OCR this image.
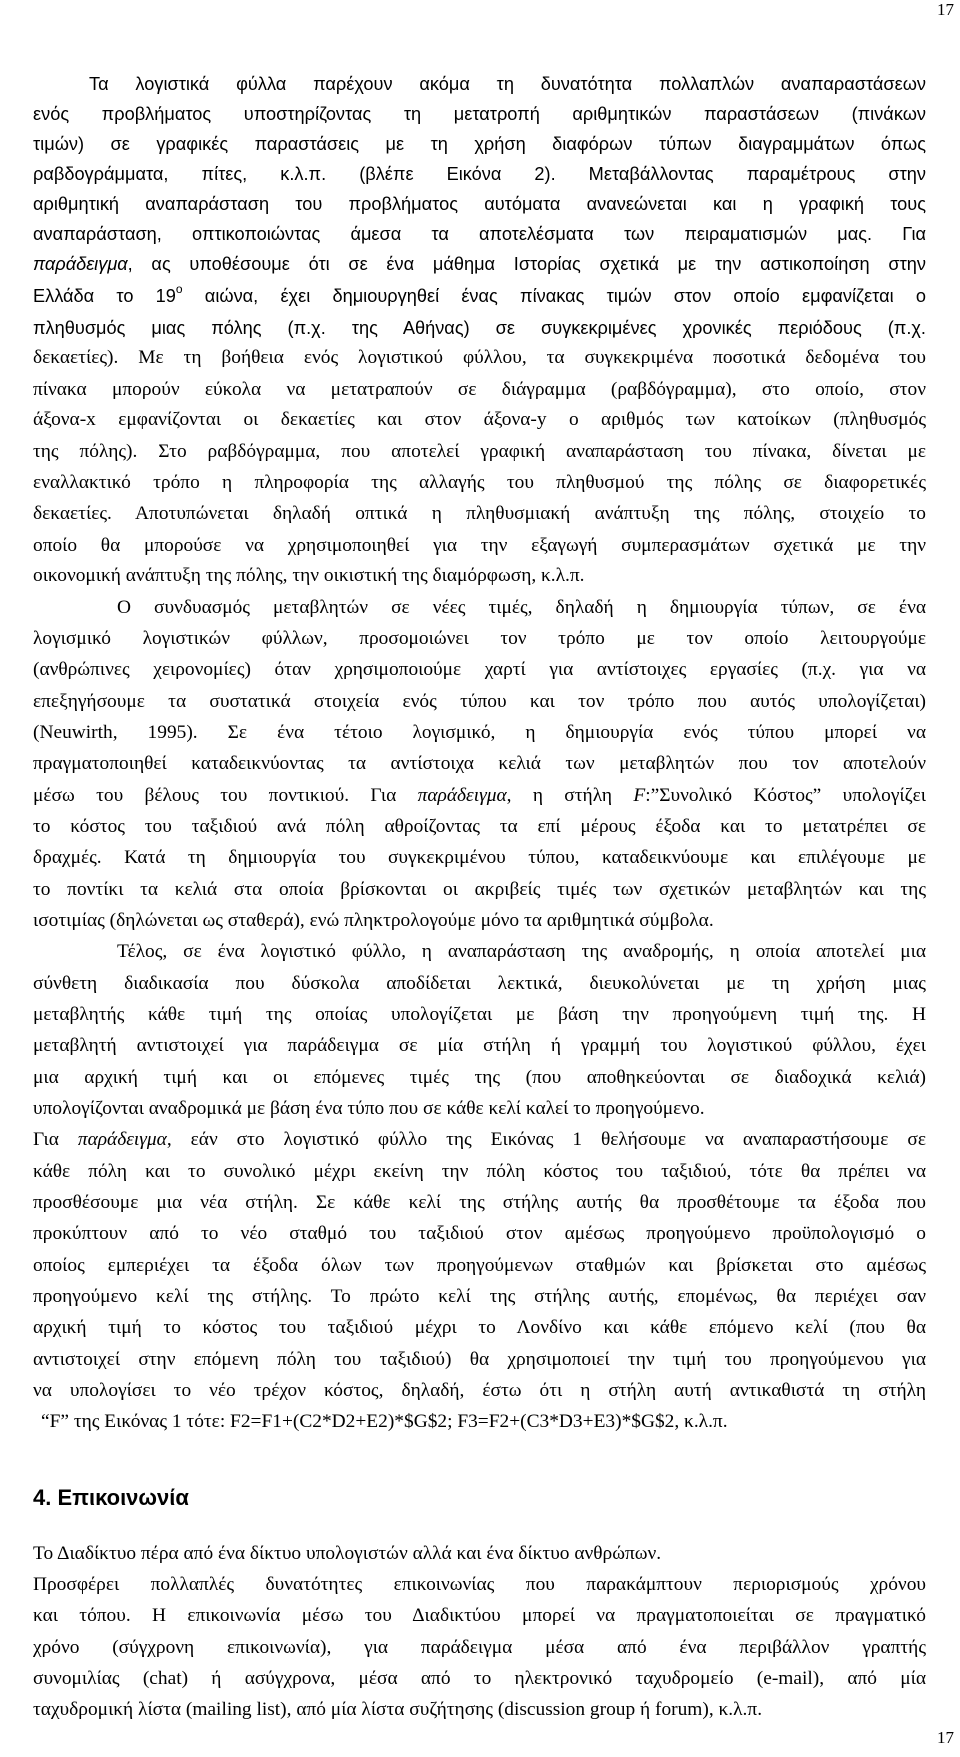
17
Τα λογιστικά φύλλα παρέχουν ακόμα τη δυνατότητα πολλαπλών αναπαραστάσεων
ενός προβλήματος υποστηρίζοντας τη μετατροπή αριθμητικών παραστάσεων (πινάκων
τιμών) σε γραφικές παραστάσεις με τη χρήση διαφόρων τύπων διαγραμμάτων όπως
ραβδογράμματα, πίτες, κ.λ.π. (βλέπε Εικόνα 2). Μεταβάλλοντας παραμέτρους στην
αριθμητική αναπαράσταση του προβλήματος αυτόματα ανανεώνεται και η γραφική τους
αναπαράσταση, οπτικοποιώντας άμεσα τα αποτελέσματα των πειραματισμών μας. Για
παράδειγμα, ας υποθέσουμε ότι σε ένα μάθημα Ιστορίας σχετικά με την αστικοποίηση στην
Ελλάδα το $19^o$ αιώνα, έχει δημιουργηθεί ένας πίνακας τιμών στον οποίο εμφανίζεται ο
πληθυσμός μιας πόλης (π.χ. της Αθήνας) σε συγκεκριμένες χρονικές περιόδους (π.χ.
δεκαετίες). Με τη βοήθεια ενός λογιστικού φύλλου, τα συγκεκριμένα ποσοτικά δεδομένα του
πίνακα μπορούν εύκολα να μετατραπούν σε διάγραμμα (ραβδόγραμμα), στο οποίο, στον
άξονα-x εμφανίζονται οι δεκαετίες και στον άξονα-y ο αριθμός των κατοίκων (πληθυσμός
της πόλης). Στο ραβδόγραμμα, που αποτελεί γραφική αναπαράσταση του πίνακα, δίνεται με
εναλλακτικό τρόπο η πληροφορία της αλλαγής του πληθυσμού της πόλης σε διαφορετικές
δεκαετίες. Αποτυπώνεται δηλαδή οπτικά η πληθυσμιακή ανάπτυξη της πόλης, στοιχείο το
οποίο θα μπορούσε να χρησιμοποιηθεί για την εξαγωγή συμπερασμάτων σχετικά με την
οικονομική ανάπτυξη της πόλης, την οικιστική της διαμόρφωση, κ.λ.π.
Ο συνδυασμός μεταβλητών σε νέες τιμές, δηλαδή η δημιουργία τύπων, σε ένα
λογισμικό λογιστικών φύλλων, προσομοιώνει τον τρόπο με τον οποίο λειτουργούμε
(ανθρώπινες χειρονομίες) όταν χρησιμοποιούμε χαρτί για αντίστοιχες εργασίες (π.χ. για να
επεξηγήσουμε τα συστατικά στοιχεία ενός τύπου και τον τρόπο που αυτός υπολογίζεται)
(Neuwirth, 1995). Σε ένα τέτοιο λογισμικό, η δημιουργία ενός τύπου μπορεί να
πραγματοποιηθεί καταδεικνύοντας τα αντίστοιχα κελιά των μεταβλητών που τον αποτελούν
μέσω του βέλους του ποντικιού. Για παράδειγμα, η στήλη F:”Συνολικό Κόστος” υπολογίζει
το κόστος του ταξιδιού ανά πόλη αθροίζοντας τα επί μέρους έξοδα και το μετατρέπει σε
δραχμές. Κατά τη δημιουργία του συγκεκριμένου τύπου, καταδεικνύουμε και επιλέγουμε με
το ποντίκι τα κελιά στα οποία βρίσκονται οι ακριβείς τιμές των σχετικών μεταβλητών και της
ισοτιμίας (δηλώνεται ως σταθερά), ενώ πληκτρολογούμε μόνο τα αριθμητικά σύμβολα.
Τέλος, σε ένα λογιστικό φύλλο, η αναπαράσταση της αναδρομής, η οποία αποτελεί μια
σύνθετη διαδικασία που δύσκολα αποδίδεται λεκτικά, διευκολύνεται με τη χρήση μιας
μεταβλητής κάθε τιμή της οποίας υπολογίζεται με βάση την προηγούμενη τιμή της. Η
μεταβλητή αντιστοιχεί για παράδειγμα σε μία στήλη ή γραμμή του λογιστικού φύλλου, έχει
μια αρχική τιμή και οι επόμενες τιμές της (που αποθηκεύονται σε διαδοχικά κελιά)
υπολογίζονται αναδρομικά με βάση ένα τύπο που σε κάθε κελί καλεί το προηγούμενο.
Για παράδειγμα, εάν στο λογιστικό φύλλο της Εικόνας 1 θελήσουμε να αναπαραστήσουμε σε
κάθε πόλη και το συνολικό μέχρι εκείνη την πόλη κόστος του ταξιδιού, τότε θα πρέπει να
προσθέσουμε μια νέα στήλη. Σε κάθε κελί της στήλης αυτής θα προσθέτουμε τα έξοδα που
προκύπτουν από το νέο σταθμό του ταξιδιού στον αμέσως προηγούμενο προϋπολογισμό ο
οποίος εμπεριέχει τα έξοδα όλων των προηγούμενων σταθμών και βρίσκεται στο αμέσως
προηγούμενο κελί της στήλης. Το πρώτο κελί της στήλης αυτής, επομένως, θα περιέχει σαν
αρχική τιμή το κόστος του ταξιδιού μέχρι το Λονδίνο και κάθε επόμενο κελί (που θα
αντιστοιχεί στην επόμενη πόλη του ταξιδιού) θα χρησιμοποιεί την τιμή του προηγούμενου για
να υπολογίσει το νέο τρέχον κόστος, δηλαδή, έστω ότι η στήλη αυτή αντικαθιστά τη στήλη
“F” της Εικόνας 1 τότε: F2=F1+(C2*D2+E2)*$G$2; F3=F2+(C3*D3+E3)*$G$2, κ.λ.π.
4. Επικοινωνία
Το Διαδίκτυο πέρα από ένα δίκτυο υπολογιστών αλλά και ένα δίκτυο ανθρώπων.
Προσφέρει πολλαπλές δυνατότητες επικοινωνίας που παρακάμπτουν περιορισμούς χρόνου
και τόπου. Η επικοινωνία μέσω του Διαδικτύου μπορεί να πραγματοποιείται σε πραγματικό
χρόνο (σύγχρονη επικοινωνία), για παράδειγμα μέσα από ένα περιβάλλον γραπτής
συνομιλίας (chat) ή ασύγχρονα, μέσα από το ηλεκτρονικό ταχυδρομείο (e-mail), από μία
ταχυδρομική λίστα (mailing list), από μία λίστα συζήτησης (discussion group ή forum), κ.λ.π.
17
